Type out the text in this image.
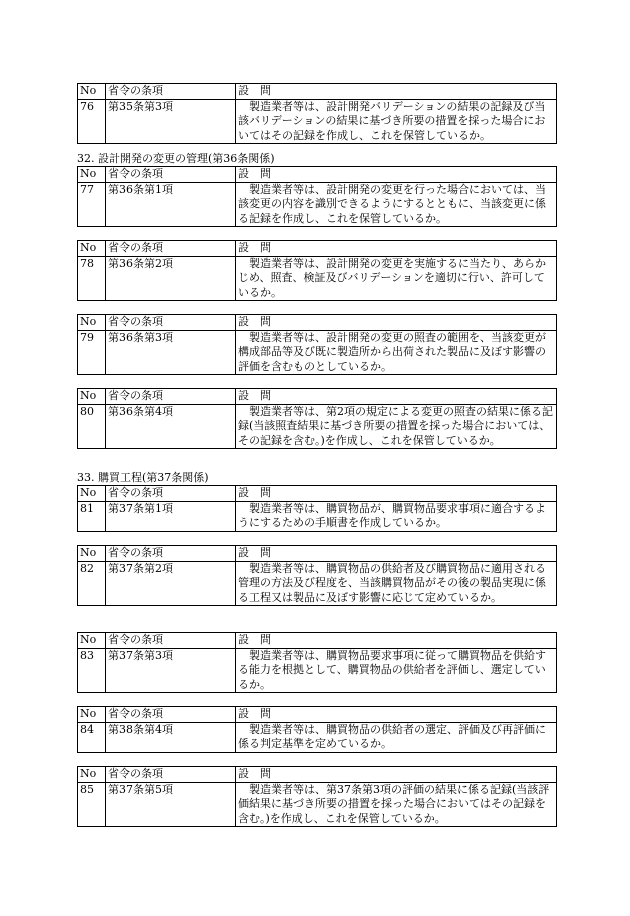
No	省令の条項	設　問
76	第35条第3項	製造業者等は、設計開発バリデーションの結果の記録及び当該バリデーションの結果に基づき所要の措置を採った場合においてはその記録を作成し、これを保管しているか。
32. 設計開発の変更の管理(第36条関係)
No	省令の条項	設　問
77	第36条第1項	製造業者等は、設計開発の変更を行った場合においては、当該変更の内容を識別できるようにするとともに、当該変更に係る記録を作成し、これを保管しているか。
No	省令の条項	設　問
78	第36条第2項	製造業者等は、設計開発の変更を実施するに当たり、あらかじめ、照査、検証及びバリデーションを適切に行い、許可しているか。
No	省令の条項	設　問
79	第36条第3項	製造業者等は、設計開発の変更の照査の範囲を、当該変更が構成部品等及び既に製造所から出荷された製品に及ぼす影響の評価を含むものとしているか。
No	省令の条項	設　問
80	第36条第4項	製造業者等は、第2項の規定による変更の照査の結果に係る記録(当該照査結果に基づき所要の措置を採った場合においては、その記録を含む。)を作成し、これを保管しているか。
33. 購買工程(第37条関係)
No	省令の条項	設　問
81	第37条第1項	製造業者等は、購買物品が、購買物品要求事項に適合するようにするための手順書を作成しているか。
No	省令の条項	設　問
82	第37条第2項	製造業者等は、購買物品の供給者及び購買物品に適用される管理の方法及び程度を、当該購買物品がその後の製品実現に係る工程又は製品に及ぼす影響に応じて定めているか。
No	省令の条項	設　問
83	第37条第3項	製造業者等は、購買物品要求事項に従って購買物品を供給する能力を根拠として、購買物品の供給者を評価し、選定しているか。
No	省令の条項	設　問
84	第38条第4項	製造業者等は、購買物品の供給者の選定、評価及び再評価に係る判定基準を定めているか。
No	省令の条項	設　問
85	第37条第5項	製造業者等は、第37条第3項の評価の結果に係る記録(当該評価結果に基づき所要の措置を採った場合においてはその記録を含む。)を作成し、これを保管しているか。
